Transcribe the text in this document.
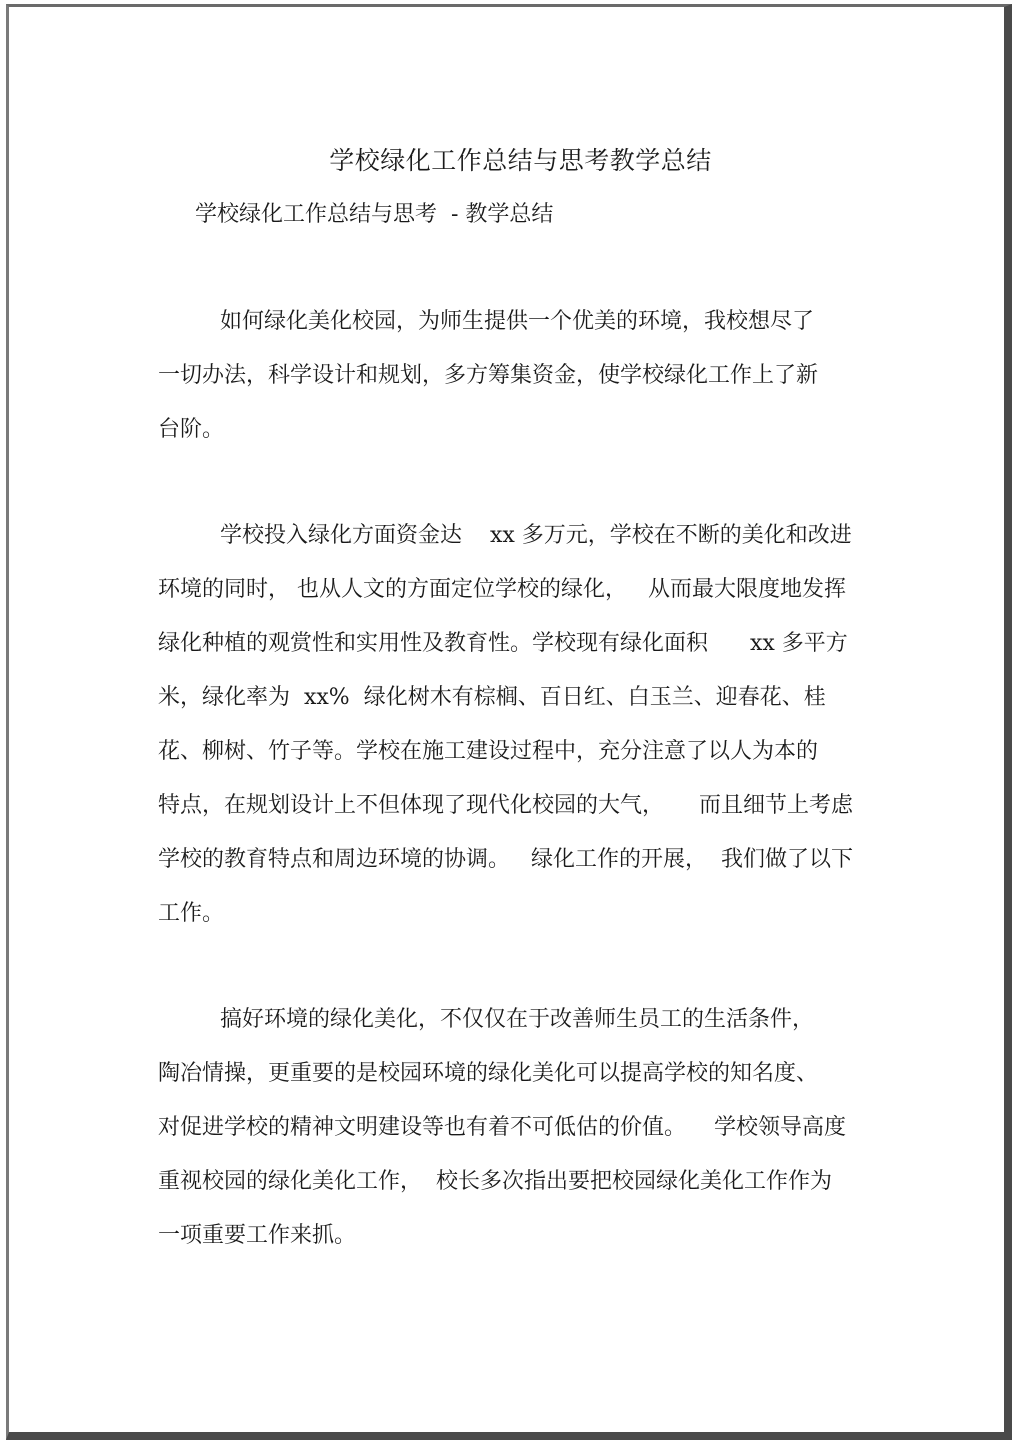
学校绿化工作总结与思考教学总结
学校绿化工作总结与思考  - 教学总结
如何绿化美化校园，为师生提供一个优美的环境，我校想尽了
一切办法，科学设计和规划，多方筹集资金，使学校绿化工作上了新
台阶。
学校投入绿化方面资金达    xx 多万元，学校在不断的美化和改进
环境的同时， 也从人文的方面定位学校的绿化，   从而最大限度地发挥
绿化种植的观赏性和实用性及教育性。学校现有绿化面积      xx 多平方
米，绿化率为  xx%  绿化树木有棕榈、百日红、白玉兰、迎春花、桂
花、柳树、竹子等。学校在施工建设过程中，充分注意了以人为本的
特点，在规划设计上不但体现了现代化校园的大气，     而且细节上考虑
学校的教育特点和周边环境的协调。   绿化工作的开展，  我们做了以下
工作。
搞好环境的绿化美化，不仅仅在于改善师生员工的生活条件，
陶冶情操，更重要的是校园环境的绿化美化可以提高学校的知名度、
对促进学校的精神文明建设等也有着不可低估的价值。    学校领导高度
重视校园的绿化美化工作，  校长多次指出要把校园绿化美化工作作为
一项重要工作来抓。
